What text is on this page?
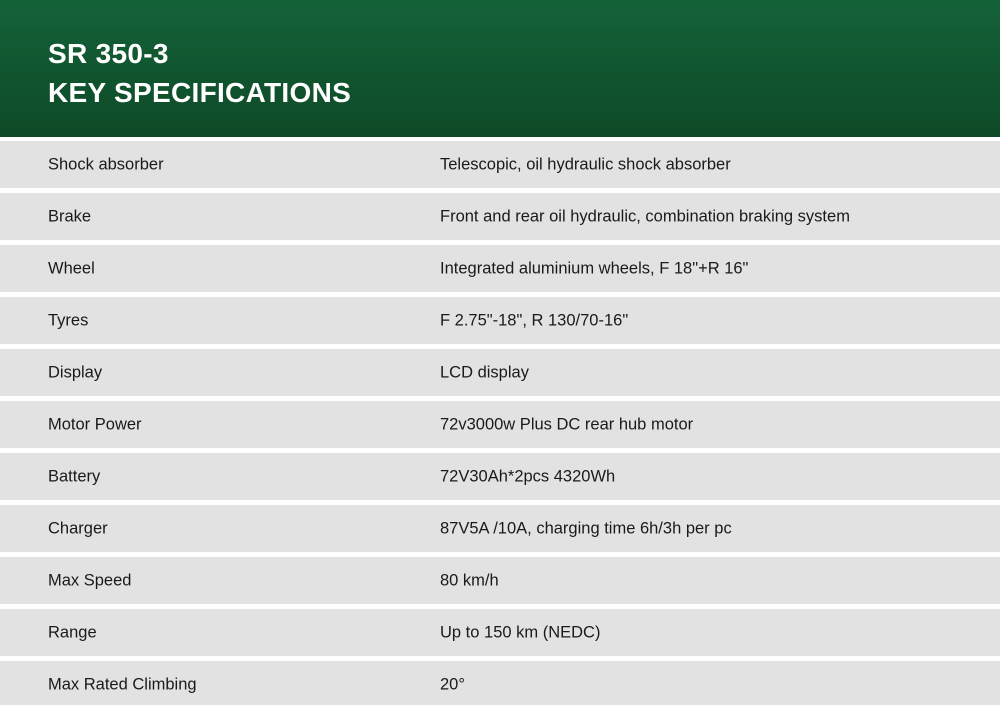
SR 350-3
KEY SPECIFICATIONS
Shock absorber	Telescopic, oil hydraulic shock absorber
Brake	Front and rear oil hydraulic, combination braking system
Wheel	Integrated aluminium wheels, F 18"+R 16"
Tyres	F 2.75"-18", R 130/70-16"
Display	LCD display
Motor Power	72v3000w Plus DC rear hub motor
Battery	72V30Ah*2pcs 4320Wh
Charger	87V5A /10A, charging time 6h/3h per pc
Max Speed	80 km/h
Range	Up to 150 km (NEDC)
Max Rated Climbing	20°
